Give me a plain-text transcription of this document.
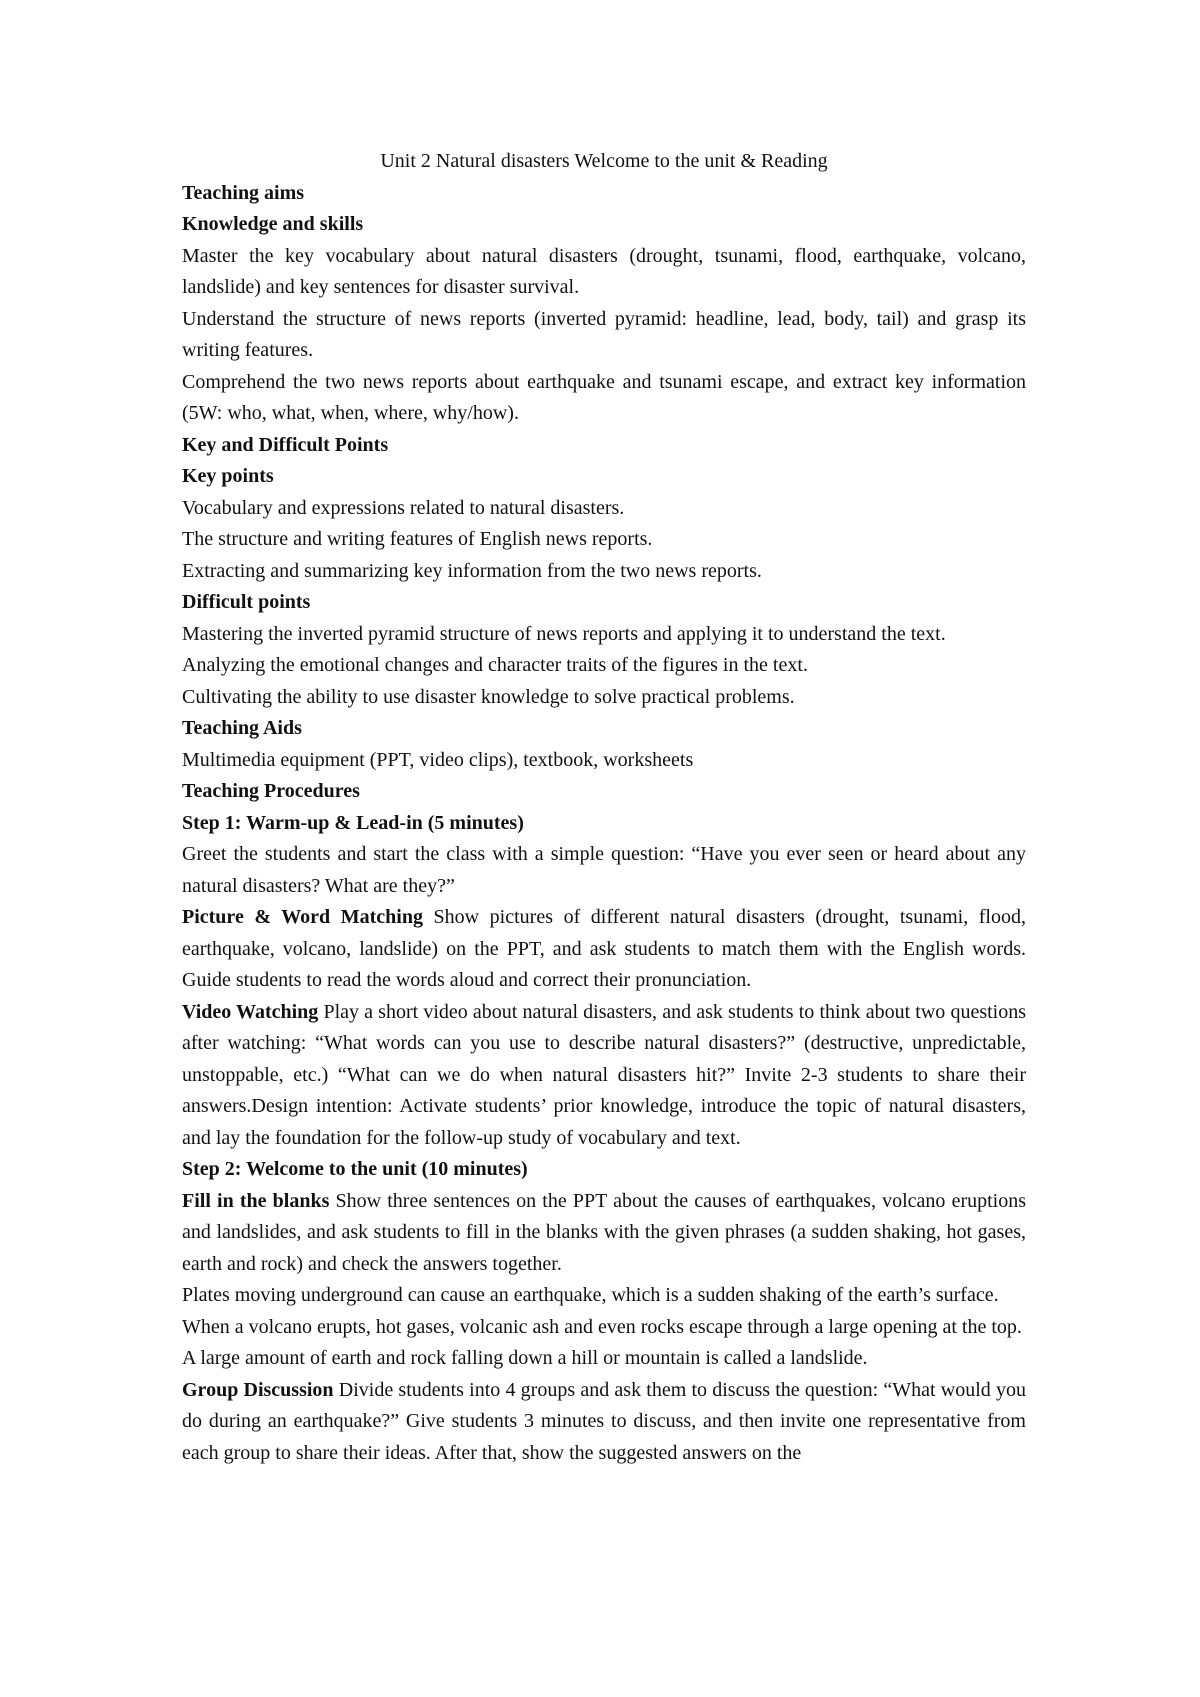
Unit 2 Natural disasters Welcome to the unit & Reading

Teaching aims

Knowledge and skills

Master the key vocabulary about natural disasters (drought, tsunami, flood, earthquake, volcano, landslide) and key sentences for disaster survival.

Understand the structure of news reports (inverted pyramid: headline, lead, body, tail) and grasp its writing features.

Comprehend the two news reports about earthquake and tsunami escape, and extract key information (5W: who, what, when, where, why/how).

Key and Difficult Points

Key points

Vocabulary and expressions related to natural disasters.

The structure and writing features of English news reports.

Extracting and summarizing key information from the two news reports.

Difficult points

Mastering the inverted pyramid structure of news reports and applying it to understand the text.

Analyzing the emotional changes and character traits of the figures in the text.

Cultivating the ability to use disaster knowledge to solve practical problems.

Teaching Aids

Multimedia equipment (PPT, video clips), textbook, worksheets

Teaching Procedures

Step 1: Warm-up & Lead-in (5 minutes)

Greet the students and start the class with a simple question: “Have you ever seen or heard about any natural disasters? What are they?”

Picture & Word Matching Show pictures of different natural disasters (drought, tsunami, flood, earthquake, volcano, landslide) on the PPT, and ask students to match them with the English words. Guide students to read the words aloud and correct their pronunciation.

Video Watching Play a short video about natural disasters, and ask students to think about two questions after watching: “What words can you use to describe natural disasters?” (destructive, unpredictable, unstoppable, etc.) “What can we do when natural disasters hit?” Invite 2-3 students to share their answers.Design intention: Activate students’ prior knowledge, introduce the topic of natural disasters, and lay the foundation for the follow-up study of vocabulary and text.

Step 2: Welcome to the unit (10 minutes)

Fill in the blanks Show three sentences on the PPT about the causes of earthquakes, volcano eruptions and landslides, and ask students to fill in the blanks with the given phrases (a sudden shaking, hot gases, earth and rock) and check the answers together.

Plates moving underground can cause an earthquake, which is a sudden shaking of the earth’s surface.

When a volcano erupts, hot gases, volcanic ash and even rocks escape through a large opening at the top.

A large amount of earth and rock falling down a hill or mountain is called a landslide.

Group Discussion Divide students into 4 groups and ask them to discuss the question: “What would you do during an earthquake?” Give students 3 minutes to discuss, and then invite one representative from each group to share their ideas. After that, show the suggested answers on the
